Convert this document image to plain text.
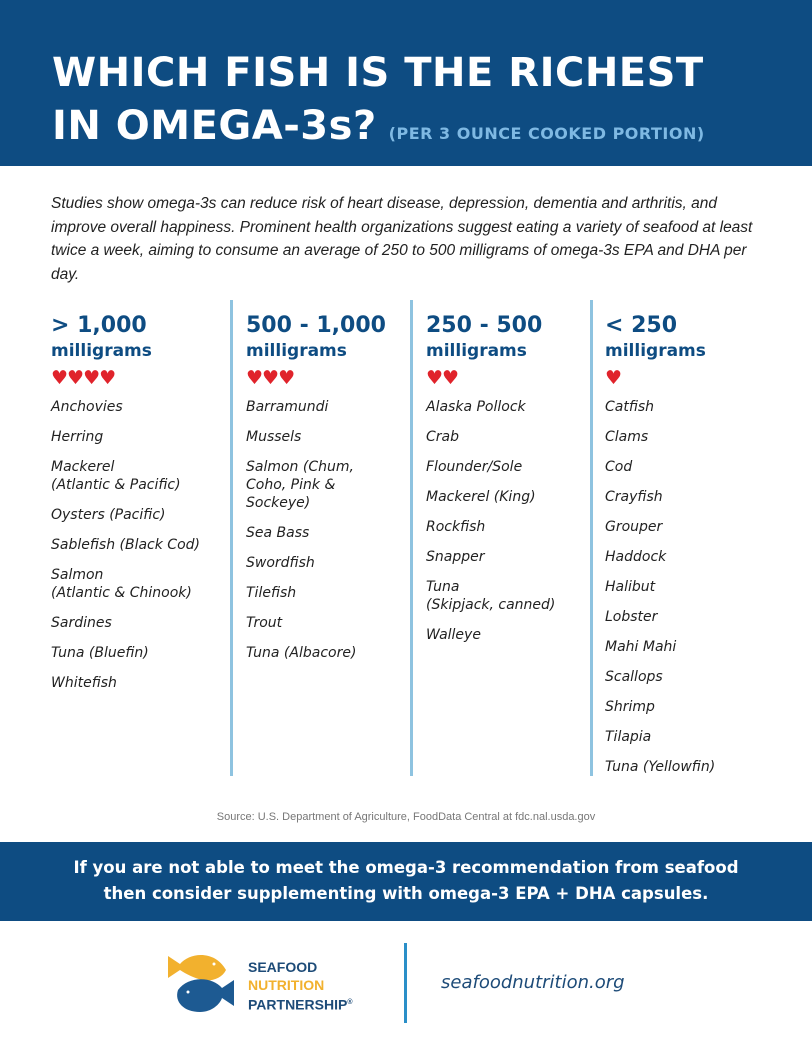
WHICH FISH IS THE RICHEST
IN OMEGA-3s? (PER 3 OUNCE COOKED PORTION)

Studies show omega-3s can reduce risk of heart disease, depression, dementia and arthritis, and improve overall happiness. Prominent health organizations suggest eating a variety of seafood at least twice a week, aiming to consume an average of 250 to 500 milligrams of omega-3s EPA and DHA per day.

> 1,000
milligrams
♥♥♥♥
Anchovies
Herring
Mackerel
(Atlantic & Pacific)
Oysters (Pacific)
Sablefish (Black Cod)
Salmon
(Atlantic & Chinook)
Sardines
Tuna (Bluefin)
Whitefish
500 - 1,000
milligrams
♥♥♥
Barramundi
Mussels
Salmon (Chum,
Coho, Pink &
Sockeye)
Sea Bass
Swordfish
Tilefish
Trout
Tuna (Albacore)
250 - 500
milligrams
♥♥
Alaska Pollock
Crab
Flounder/Sole
Mackerel (King)
Rockfish
Snapper
Tuna
(Skipjack, canned)
Walleye
< 250
milligrams
♥
Catfish
Clams
Cod
Crayfish
Grouper
Haddock
Halibut
Lobster
Mahi Mahi
Scallops
Shrimp
Tilapia
Tuna (Yellowfin)
Source: U.S. Department of Agriculture, FoodData Central at fdc.nal.usda.gov
If you are not able to meet the omega-3 recommendation from seafood
then consider supplementing with omega-3 EPA + DHA capsules.
SEAFOOD
NUTRITION
PARTNERSHIP®
seafoodnutrition.org
